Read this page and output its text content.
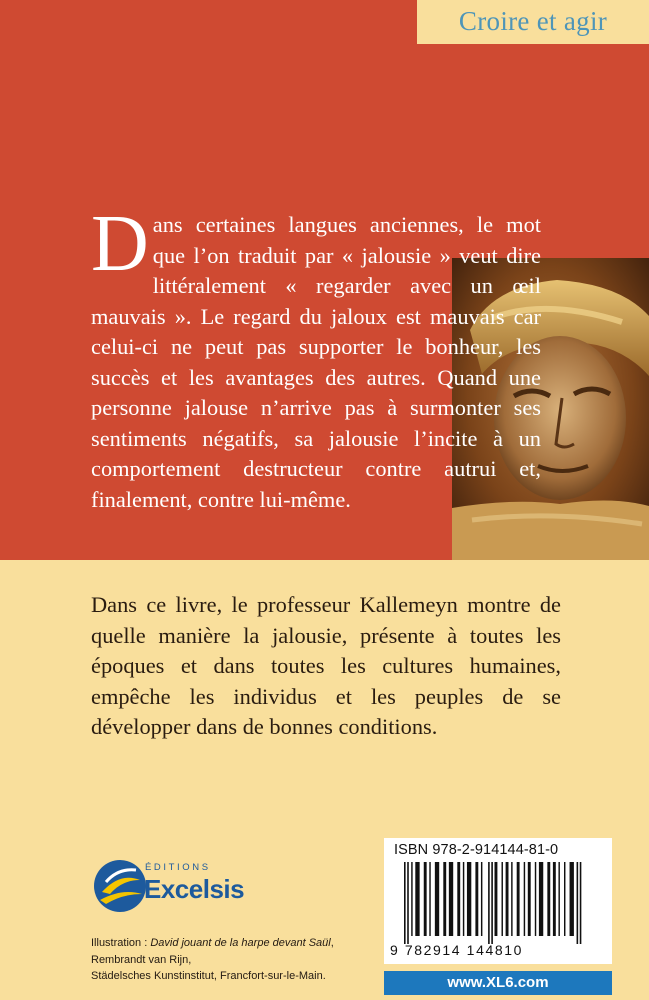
Croire et agir
D ans certaines langues anciennes, le mot que l’on traduit par « jalousie » veut dire littéralement « regarder avec un œil mauvais ». Le regard du jaloux est mauvais car celui-ci ne peut pas supporter le bonheur, les succès et les avantages des autres. Quand une personne jalouse n’arrive pas à surmonter ses sentiments négatifs, sa jalousie l’incite à un comportement destructeur contre autrui et, finalement, contre lui-même.
Dans ce livre, le professeur Kallemeyn montre de quelle manière la jalousie, présente à toutes les époques et dans toutes les cultures humaines, empêche les individus et les peuples de se développer dans de bonnes conditions.
ÉDITIONS
Excelsis
Illustration : David jouant de la harpe devant Saül,
Rembrandt van Rijn,
Städelsches Kunstinstitut, Francfort-sur-le-Main.
ISBN 978-2-914144-81-0
9 782914 144810
www.XL6.com
